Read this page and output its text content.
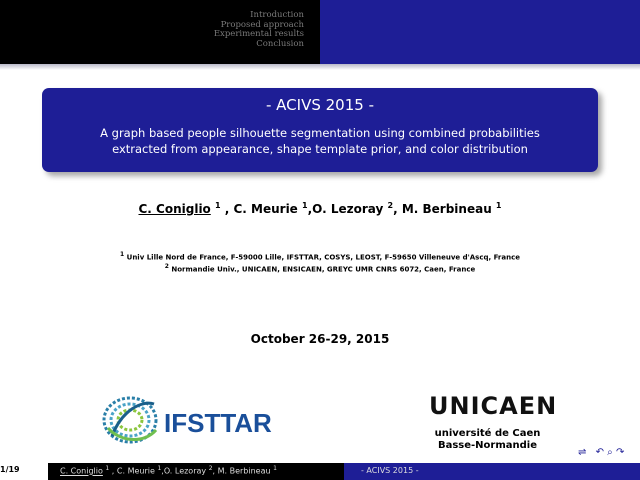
Introduction
Proposed approach
Experimental results
Conclusion
- ACIVS 2015 -
A graph based people silhouette segmentation using combined probabilities
extracted from appearance, shape template prior, and color distribution
C. Coniglio $^1$ , C. Meurie $^1$,O. Lezoray $^2$, M. Berbineau $^1$
$^1$ Univ Lille Nord de France, F-59000 Lille, IFSTTAR, COSYS, LEOST, F-59650 Villeneuve d'Ascq, France
$^2$ Normandie Univ., UNICAEN, ENSICAEN, GREYC UMR CNRS 6072, Caen, France
October 26-29, 2015
IFSTTAR
UNICAEN
université de Caen
Basse-Normandie
⇌ ↶ ⌕ ↷
1/19	C. Coniglio $^1$ , C. Meurie $^1$,O. Lezoray $^2$, M. Berbineau $^1$	- ACIVS 2015 -
